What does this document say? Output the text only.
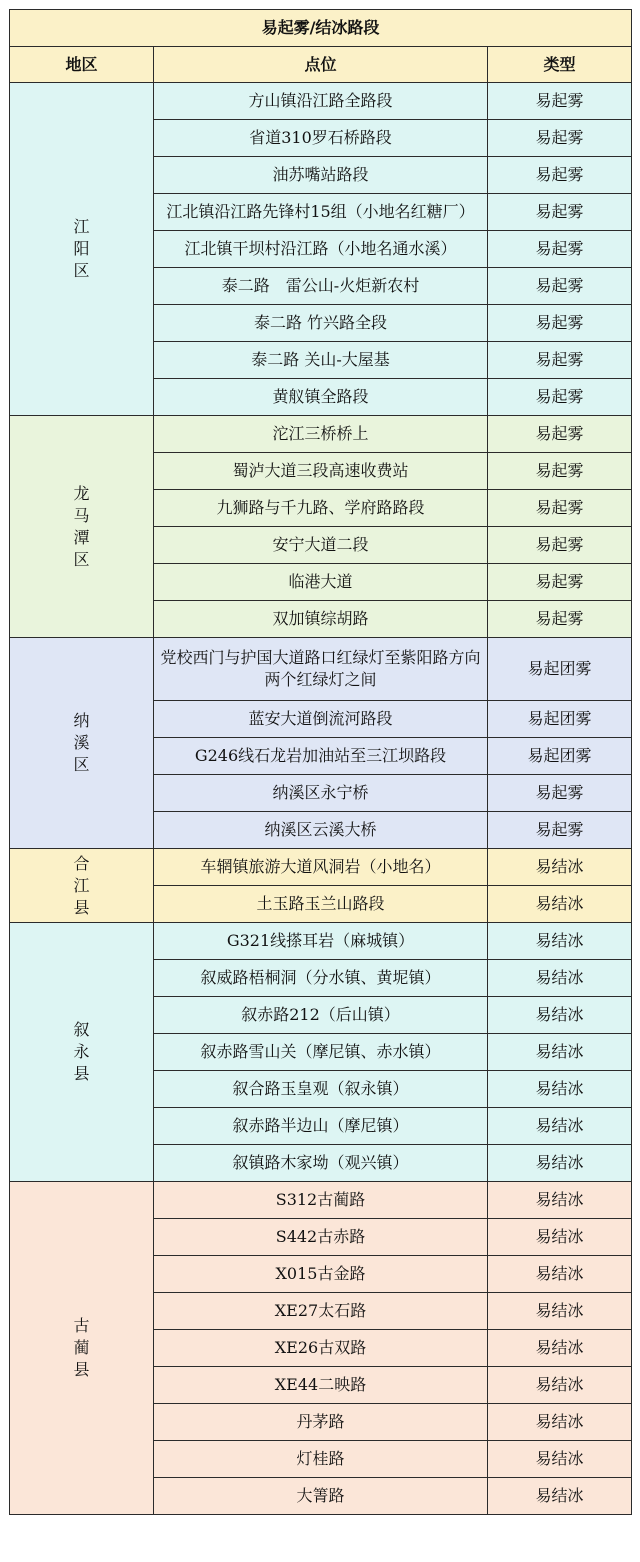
易起雾/结冰路段		
地区	点位	类型

江
阳
区	方山镇沿江路全路段	易起雾
	省道310罗石桥路段	易起雾
	油苏嘴站路段	易起雾
	江北镇沿江路先锋村15组（小地名红糖厂）	易起雾
	江北镇干坝村沿江路（小地名通水溪）	易起雾
	泰二路　雷公山-火炬新农村	易起雾
	泰二路 竹兴路全段	易起雾
	泰二路 关山-大屋基	易起雾
	黄舣镇全路段	易起雾

龙
马
潭
区	沱江三桥桥上	易起雾
	蜀泸大道三段高速收费站	易起雾
	九狮路与千九路、学府路路段	易起雾
	安宁大道二段	易起雾
	临港大道	易起雾
	双加镇综胡路	易起雾

纳
溪
区	党校西门与护国大道路口红绿灯至紫阳路方向两个红绿灯之间	易起团雾
	蓝安大道倒流河路段	易起团雾
	G246线石龙岩加油站至三江坝路段	易起团雾
	纳溪区永宁桥	易起雾
	纳溪区云溪大桥	易起雾

合
江
县	车辋镇旅游大道风洞岩（小地名）	易结冰
	土玉路玉兰山路段	易结冰

叙
永
县	G321线搽耳岩（麻城镇）	易结冰
	叙威路梧桐洞（分水镇、黄坭镇）	易结冰
	叙赤路212（后山镇）	易结冰
	叙赤路雪山关（摩尼镇、赤水镇）	易结冰
	叙合路玉皇观（叙永镇）	易结冰
	叙赤路半边山（摩尼镇）	易结冰
	叙镇路木家坳（观兴镇）	易结冰

古
蔺
县	S312古蔺路	易结冰
	S442古赤路	易结冰
	X015古金路	易结冰
	XE27太石路	易结冰
	XE26古双路	易结冰
	XE44二映路	易结冰
	丹茅路	易结冰
	灯桂路	易结冰
	大箐路	易结冰
